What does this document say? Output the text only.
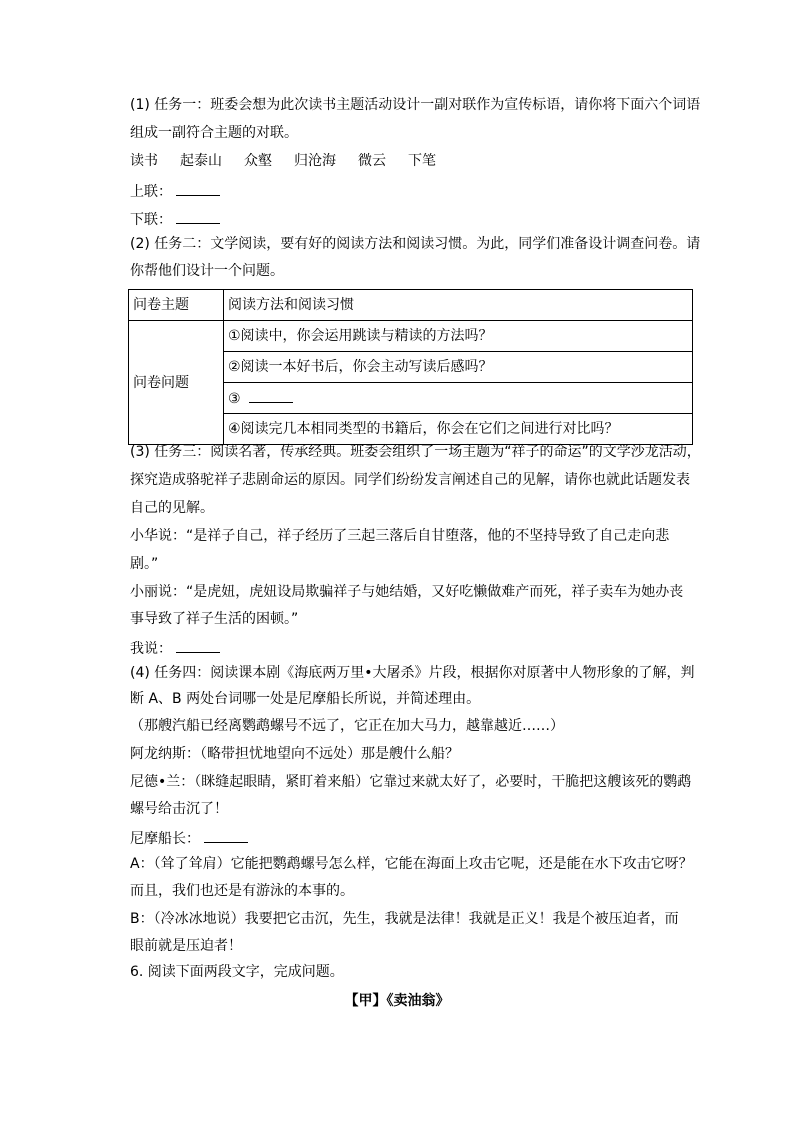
(1) 任务一：班委会想为此次读书主题活动设计一副对联作为宣传标语，请你将下面六个词语
组成一副符合主题的对联。
读书 起泰山 众壑 归沧海 微云 下笔
上联：
下联：
(2) 任务二：文学阅读，要有好的阅读方法和阅读习惯。为此，同学们准备设计调查问卷。请
你帮他们设计一个问题。
问卷主题	阅读方法和阅读习惯
问卷问题	①阅读中，你会运用跳读与精读的方法吗？
	②阅读一本好书后，你会主动写读后感吗？
	③
	④阅读完几本相同类型的书籍后，你会在它们之间进行对比吗？
(3) 任务三：阅读名著，传承经典。班委会组织了一场主题为“祥子的命运”的文学沙龙活动，
探究造成骆驼祥子悲剧命运的原因。同学们纷纷发言阐述自己的见解，请你也就此话题发表
自己的见解。
小华说：“是祥子自己，祥子经历了三起三落后自甘堕落，他的不坚持导致了自己走向悲
剧。”
小丽说：“是虎妞，虎妞设局欺骗祥子与她结婚，又好吃懒做难产而死，祥子卖车为她办丧
事导致了祥子生活的困顿。”
我说：
(4) 任务四：阅读课本剧《海底两万里•大屠杀》片段，根据你对原著中人物形象的了解，判
断 A、B 两处台词哪一处是尼摩船长所说，并简述理由。
（那艘汽船已经离鹦鹉螺号不远了，它正在加大马力，越靠越近……）
阿龙纳斯：（略带担忧地望向不远处）那是艘什么船？
尼德•兰：（眯缝起眼睛，紧盯着来船）它靠过来就太好了，必要时，干脆把这艘该死的鹦鹉
螺号给击沉了！
尼摩船长：
A：（耸了耸肩）它能把鹦鹉螺号怎么样，它能在海面上攻击它呢，还是能在水下攻击它呀？
而且，我们也还是有游泳的本事的。
B：（冷冰冰地说）我要把它击沉，先生，我就是法律！我就是正义！我是个被压迫者，而
眼前就是压迫者！
6. 阅读下面两段文字，完成问题。
【甲】《卖油翁》
